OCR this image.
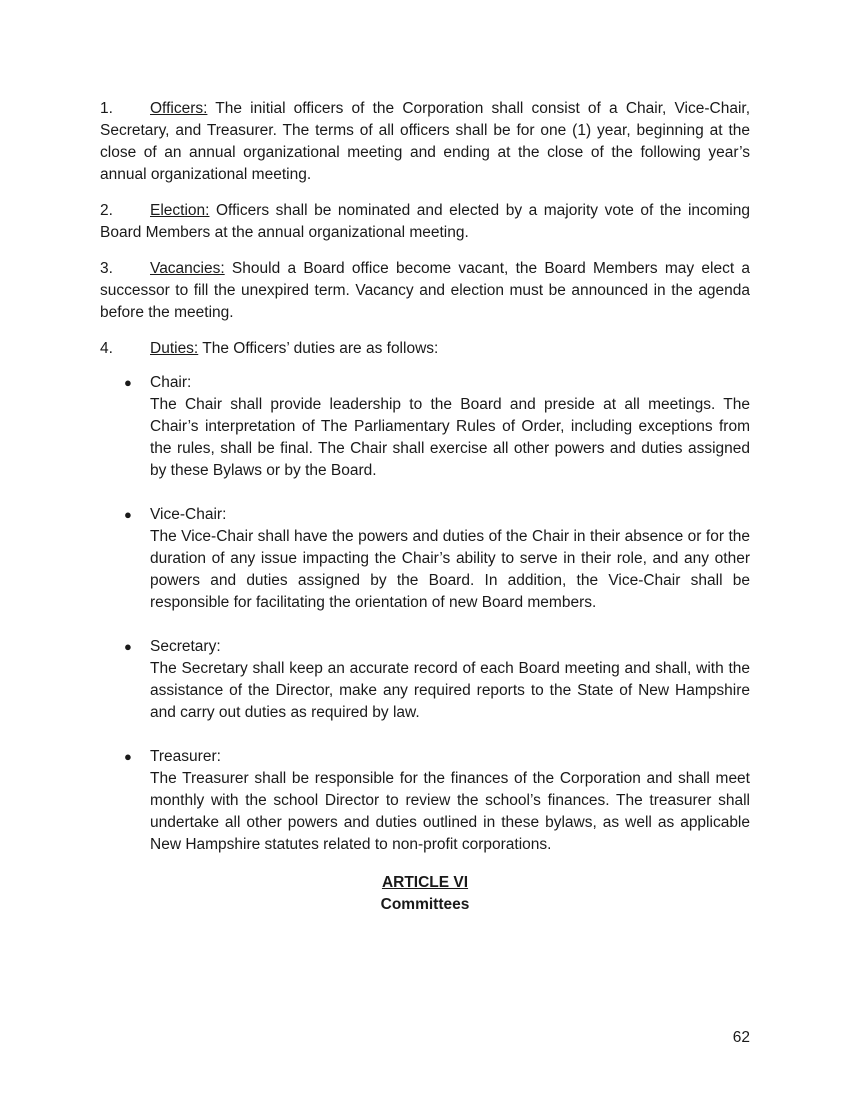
1. Officers: The initial officers of the Corporation shall consist of a Chair, Vice-Chair, Secretary, and Treasurer. The terms of all officers shall be for one (1) year, beginning at the close of an annual organizational meeting and ending at the close of the following year’s annual organizational meeting.

2. Election: Officers shall be nominated and elected by a majority vote of the incoming Board Members at the annual organizational meeting.

3. Vacancies: Should a Board office become vacant, the Board Members may elect a successor to fill the unexpired term. Vacancy and election must be announced in the agenda before the meeting.

4. Duties: The Officers’ duties are as follows:

● Chair:
The Chair shall provide leadership to the Board and preside at all meetings. The Chair’s interpretation of The Parliamentary Rules of Order, including exceptions from the rules, shall be final. The Chair shall exercise all other powers and duties assigned by these Bylaws or by the Board.
● Vice-Chair:
The Vice-Chair shall have the powers and duties of the Chair in their absence or for the duration of any issue impacting the Chair’s ability to serve in their role, and any other powers and duties assigned by the Board. In addition, the Vice-Chair shall be responsible for facilitating the orientation of new Board members.
● Secretary:
The Secretary shall keep an accurate record of each Board meeting and shall, with the assistance of the Director, make any required reports to the State of New Hampshire and carry out duties as required by law.
● Treasurer:
The Treasurer shall be responsible for the finances of the Corporation and shall meet monthly with the school Director to review the school’s finances. The treasurer shall undertake all other powers and duties outlined in these bylaws, as well as applicable New Hampshire statutes related to non-profit corporations.
ARTICLE VI
Committees
62
